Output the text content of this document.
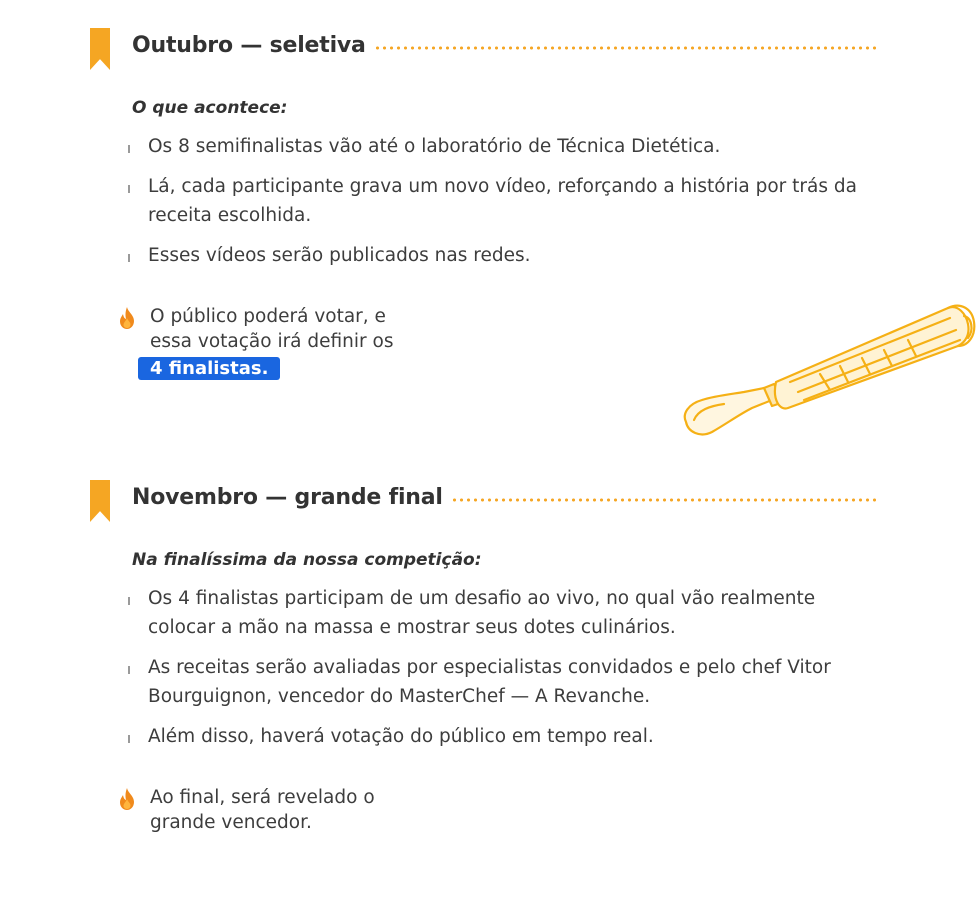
Outubro — seletiva
O que acontece:
Os 8 semifinalistas vão até o laboratório de Técnica Dietética.
Lá, cada participante grava um novo vídeo, reforçando a história por trás da receita escolhida.
Esses vídeos serão publicados nas redes.
O público poderá votar, e
essa votação irá definir os
4 finalistas.
Novembro — grande final
Na finalíssima da nossa competição:
Os 4 finalistas participam de um desafio ao vivo, no qual vão realmente colocar a mão na massa e mostrar seus dotes culinários.
As receitas serão avaliadas por especialistas convidados e pelo chef Vitor Bourguignon, vencedor do MasterChef — A Revanche.
Além disso, haverá votação do público em tempo real.
Ao final, será revelado o
grande vencedor.
